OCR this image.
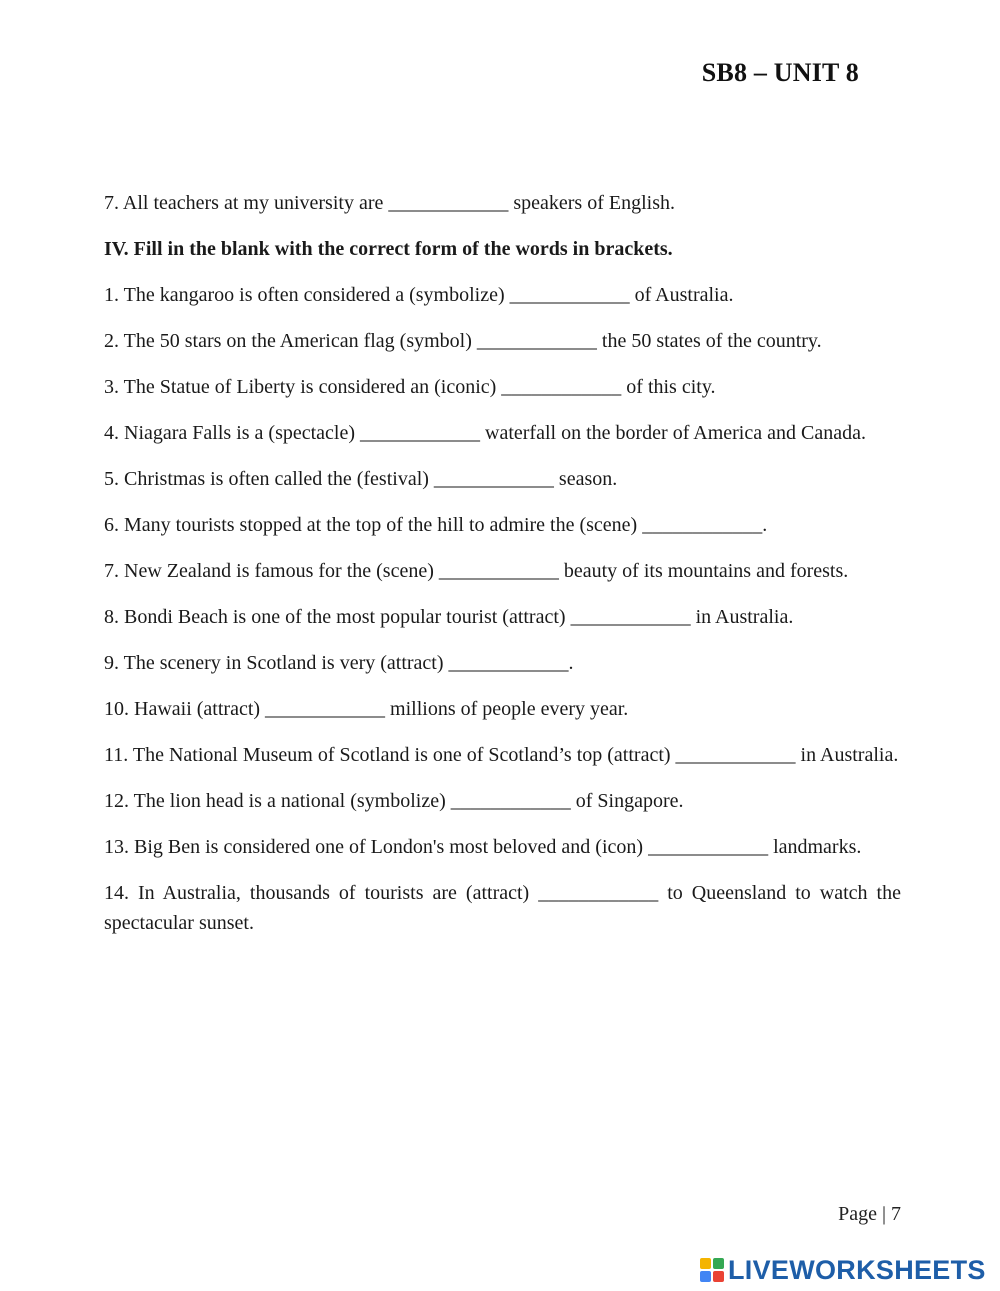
SB8 – UNIT 8

7. All teachers at my university are ____________ speakers of English.

IV. Fill in the blank with the correct form of the words in brackets.

1. The kangaroo is often considered a (symbolize) ____________ of Australia.

2. The 50 stars on the American flag (symbol) ____________ the 50 states of the country.

3. The Statue of Liberty is considered an (iconic) ____________ of this city.

4. Niagara Falls is a (spectacle) ____________ waterfall on the border of America and Canada.

5. Christmas is often called the (festival) ____________ season.

6. Many tourists stopped at the top of the hill to admire the (scene) ____________.

7. New Zealand is famous for the (scene) ____________ beauty of its mountains and forests.

8. Bondi Beach is one of the most popular tourist (attract) ____________ in Australia.

9. The scenery in Scotland is very (attract) ____________.

10. Hawaii (attract) ____________ millions of people every year.

11. The National Museum of Scotland is one of Scotland’s top (attract) ____________ in Australia.

12. The lion head is a national (symbolize) ____________ of Singapore.

13. Big Ben is considered one of London's most beloved and (icon) ____________ landmarks.

14. In Australia, thousands of tourists are (attract) ____________ to Queensland to watch the spectacular sunset.

Page | 7
LIVEWORKSHEETS
